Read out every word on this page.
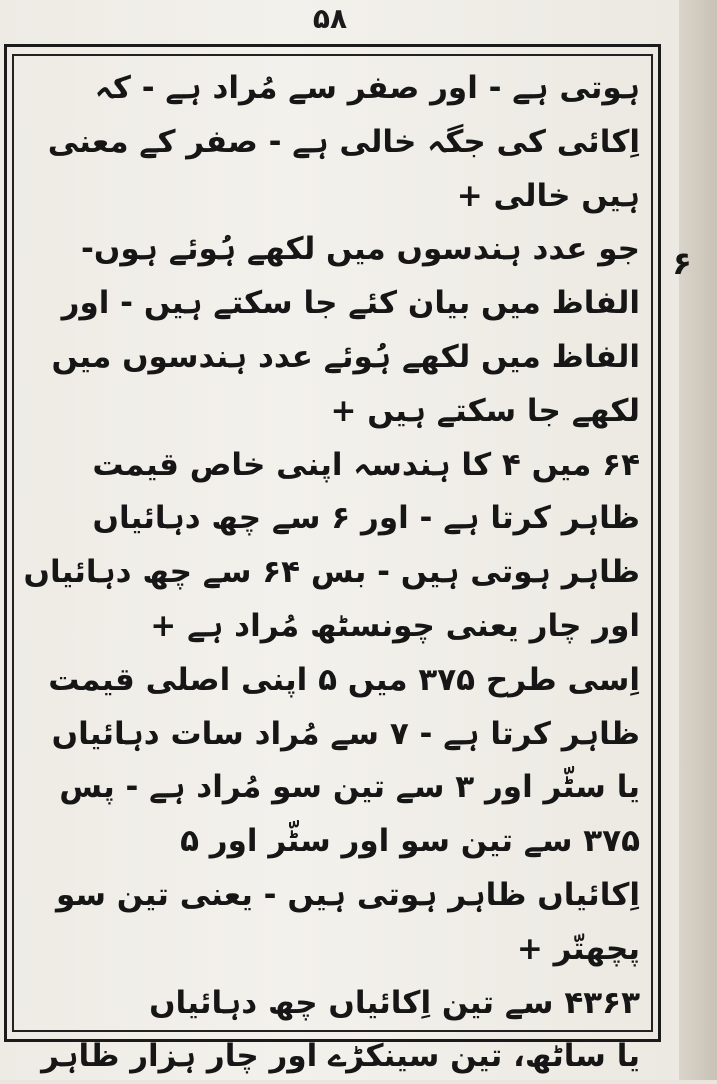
۵۸
۶
ہوتی ہے - اور صفر سے مُراد ہے - کہ
اِکائی کی جگہ خالی ہے - صفر کے معنی
ہیں خالی +
جو عدد ہندسوں میں لکھے ہُوئے ہوں-
الفاظ میں بیان کئے جا سکتے ہیں - اور
الفاظ میں لکھے ہُوئے عدد ہندسوں میں
لکھے جا سکتے ہیں +
۶۴ میں ۴ کا ہندسہ اپنی خاص قیمت
ظاہر کرتا ہے - اور ۶ سے چھ دہائیاں
ظاہر ہوتی ہیں - بس ۶۴ سے چھ دہائیاں
اور چار یعنی چونسٹھ مُراد ہے +
اِسی طرح ۳۷۵ میں ۵ اپنی اصلی قیمت
ظاہر کرتا ہے - ۷ سے مُراد سات دہائیاں
یا سٹّر اور ۳ سے تین سو مُراد ہے - پس
۳۷۵ سے تین سو اور سٹّر اور ۵
اِکائیاں ظاہر ہوتی ہیں - یعنی تین سو
پچھتّر +
۴۳۶۳ سے تین اِکائیاں چھ دہائیاں
یا ساٹھ، تین سینکڑے اور چار ہزار ظاہر
